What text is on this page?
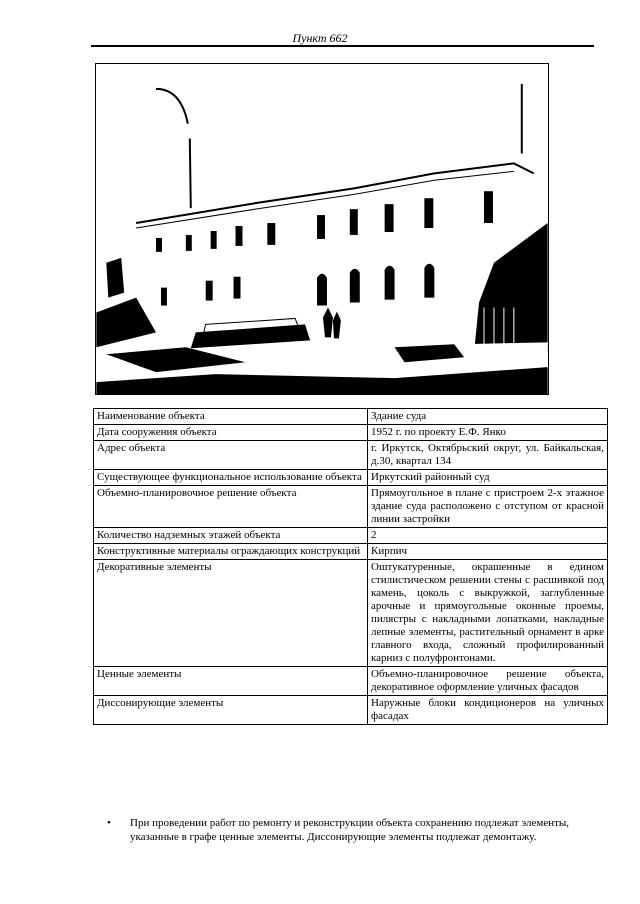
Пункт 662
Наименование объекта	Здание суда
Дата сооружения объекта	1952 г. по проекту Е.Ф. Янко
Адрес объекта	г. Иркутск, Октябрьский округ, ул. Байкальская, д.30, квартал 134
Существующее функциональное использование объекта	Иркутский районный суд
Объемно-планировочное решение объекта	Прямоугольное в плане с пристроем 2-х этажное здание суда расположено с отступом от красной линии застройки
Количество надземных этажей объекта	2
Конструктивные материалы ограждающих конструкций	Кирпич
Декоративные элементы	Оштукатуренные, окрашенные в едином стилистическом решении стены с расшивкой под камень, цоколь с выкружкой, заглубленные арочные и прямоугольные оконные проемы, пилястры с накладными лопатками, накладные лепные элементы, растительный орнамент в арке главного входа, сложный профилированный карниз с полуфронтонами.
Ценные элементы	Объемно-планировочное решение объекта, декоративное оформление уличных фасадов
Диссонирующие элементы	Наружные блоки кондиционеров на уличных фасадах
• При проведении работ по ремонту и реконструкции объекта сохранению подлежат элементы, указанные в графе ценные элементы. Диссонирующие элементы подлежат демонтажу.
